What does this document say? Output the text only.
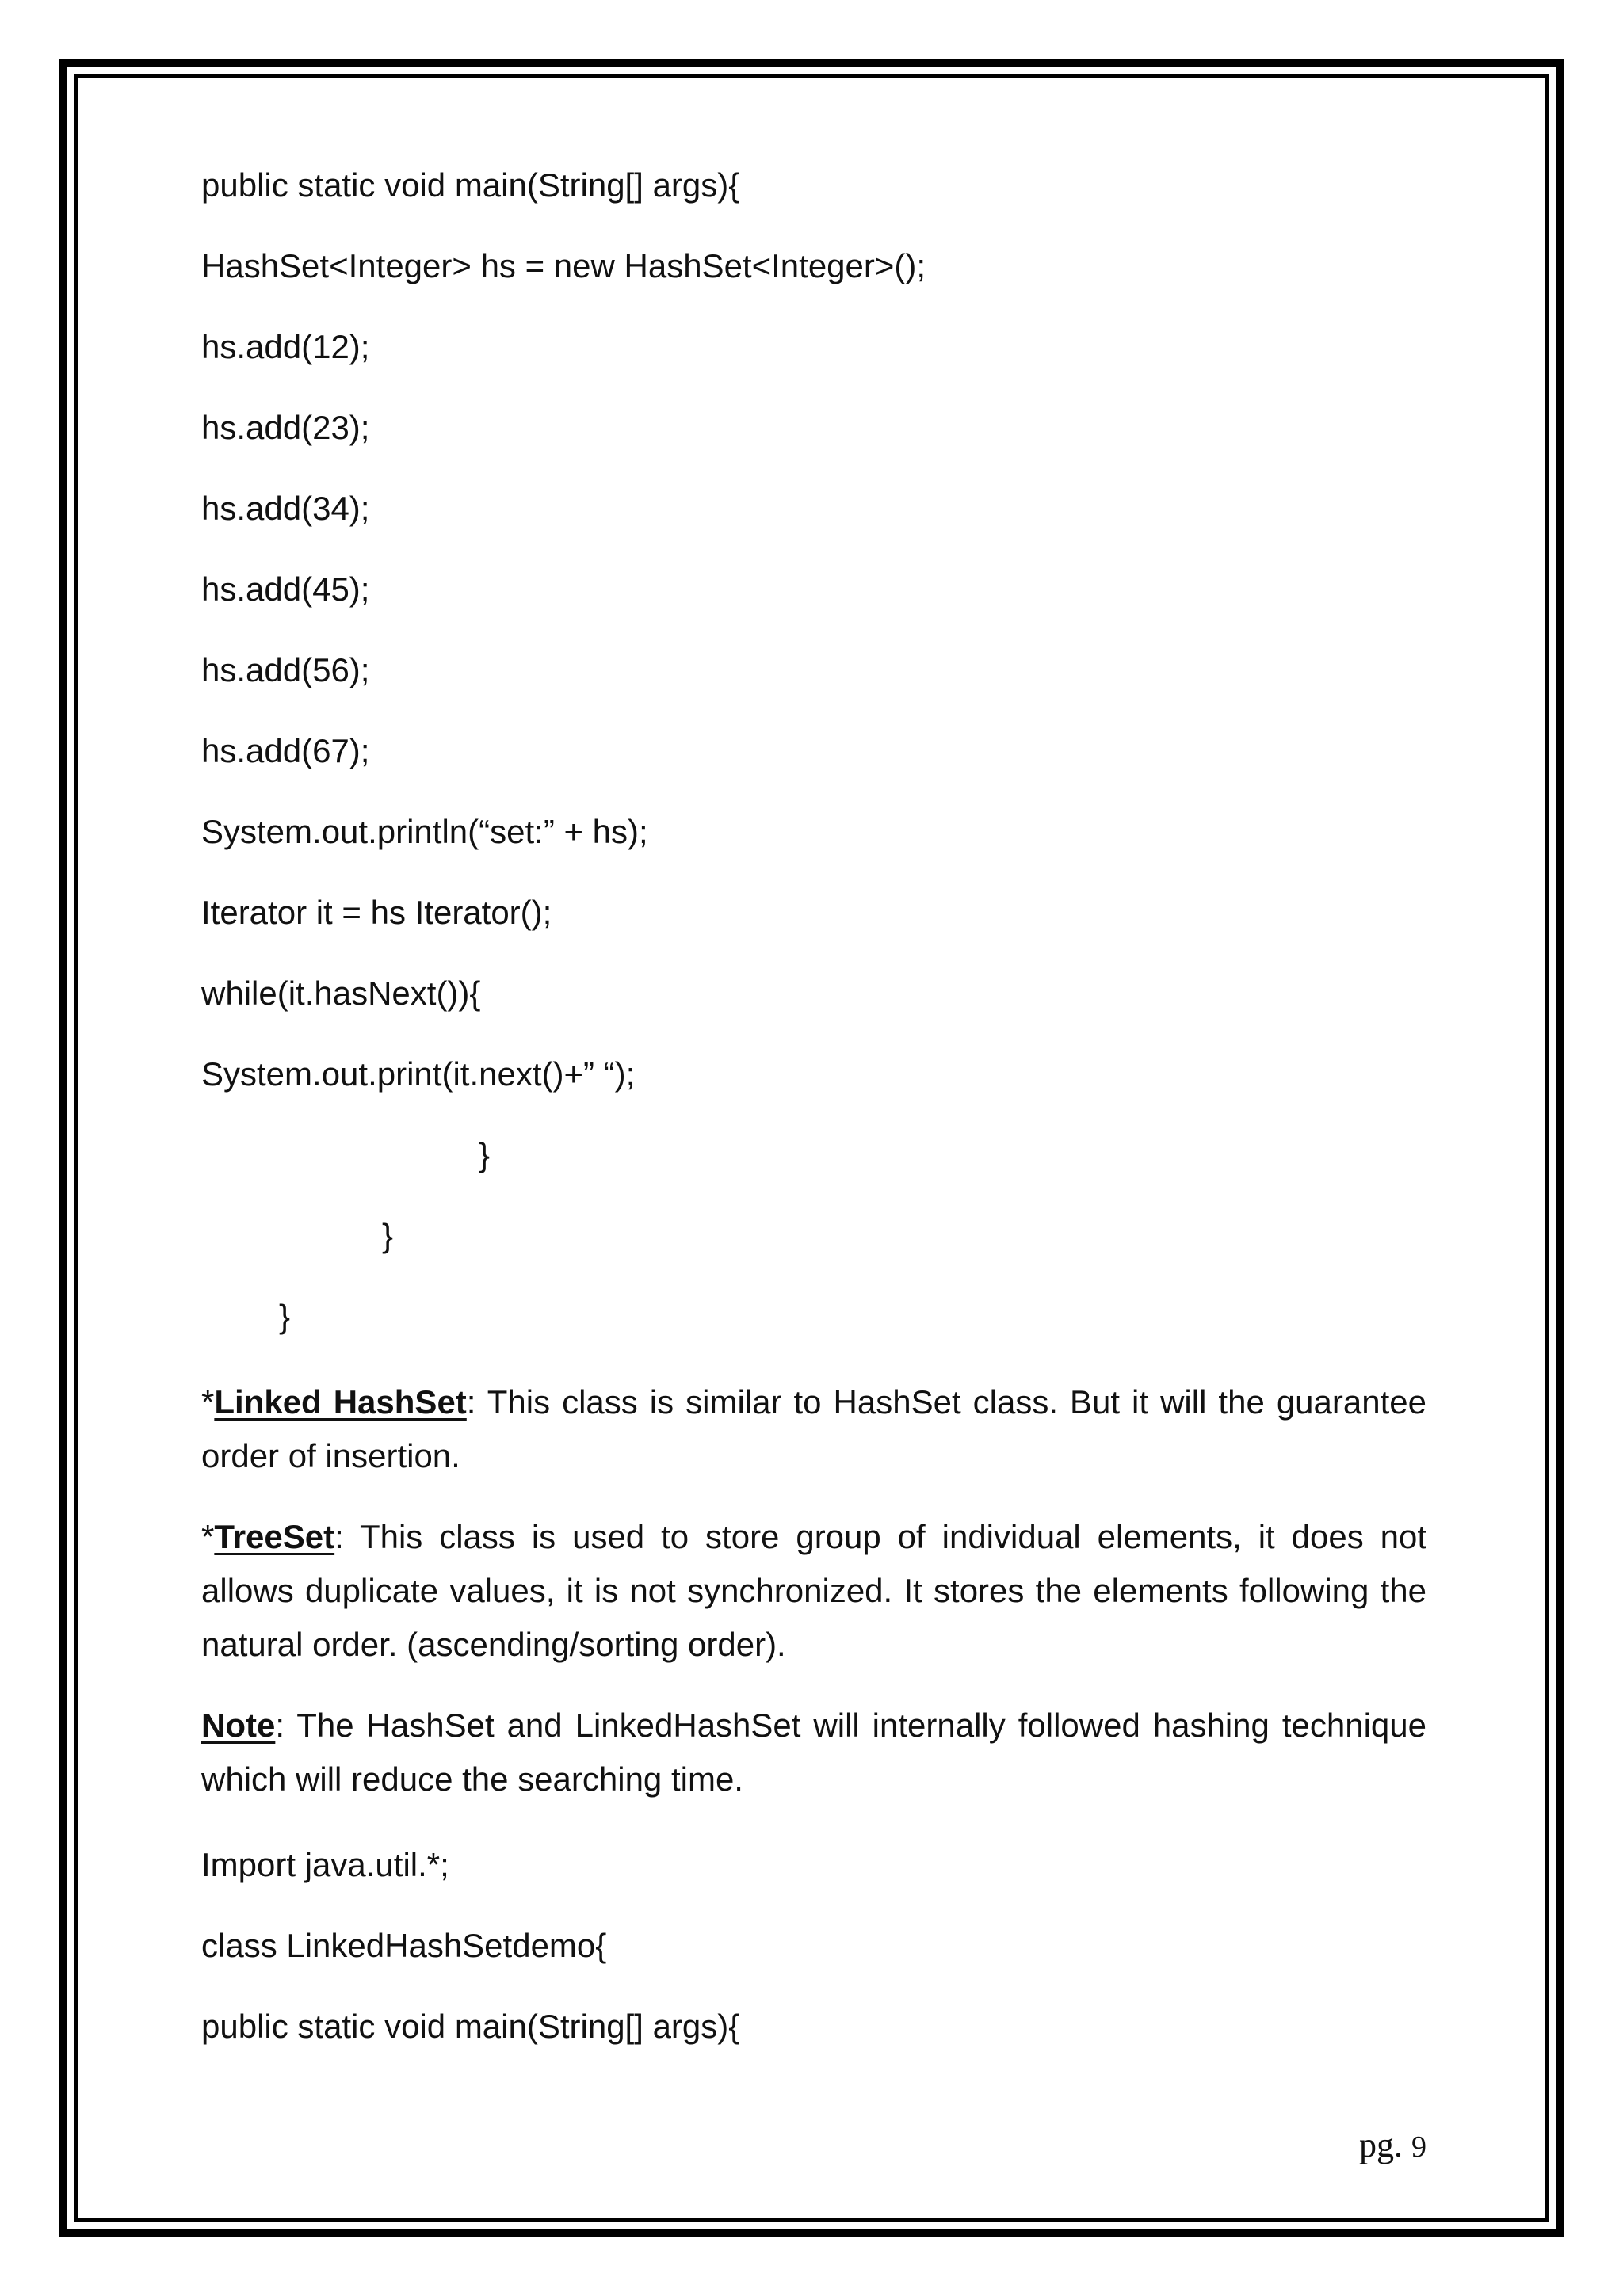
public static void main(String[] args){
HashSet<Integer> hs = new HashSet<Integer>();
hs.add(12);
hs.add(23);
hs.add(34);
hs.add(45);
hs.add(56);
hs.add(67);
System.out.println(“set:” + hs);
Iterator it = hs Iterator();
while(it.hasNext()){
System.out.print(it.next()+” “);
}
}
}
*Linked HashSet: This class is similar to HashSet class. But it will the guarantee order of insertion.
*TreeSet: This class is used to store group of individual elements, it does not allows duplicate values, it is not synchronized. It stores the elements following the natural order. (ascending/sorting order).
Note: The HashSet and LinkedHashSet will internally followed hashing technique which will reduce the searching time.
Import java.util.*;
class LinkedHashSetdemo{
public static void main(String[] args){
pg. 9
